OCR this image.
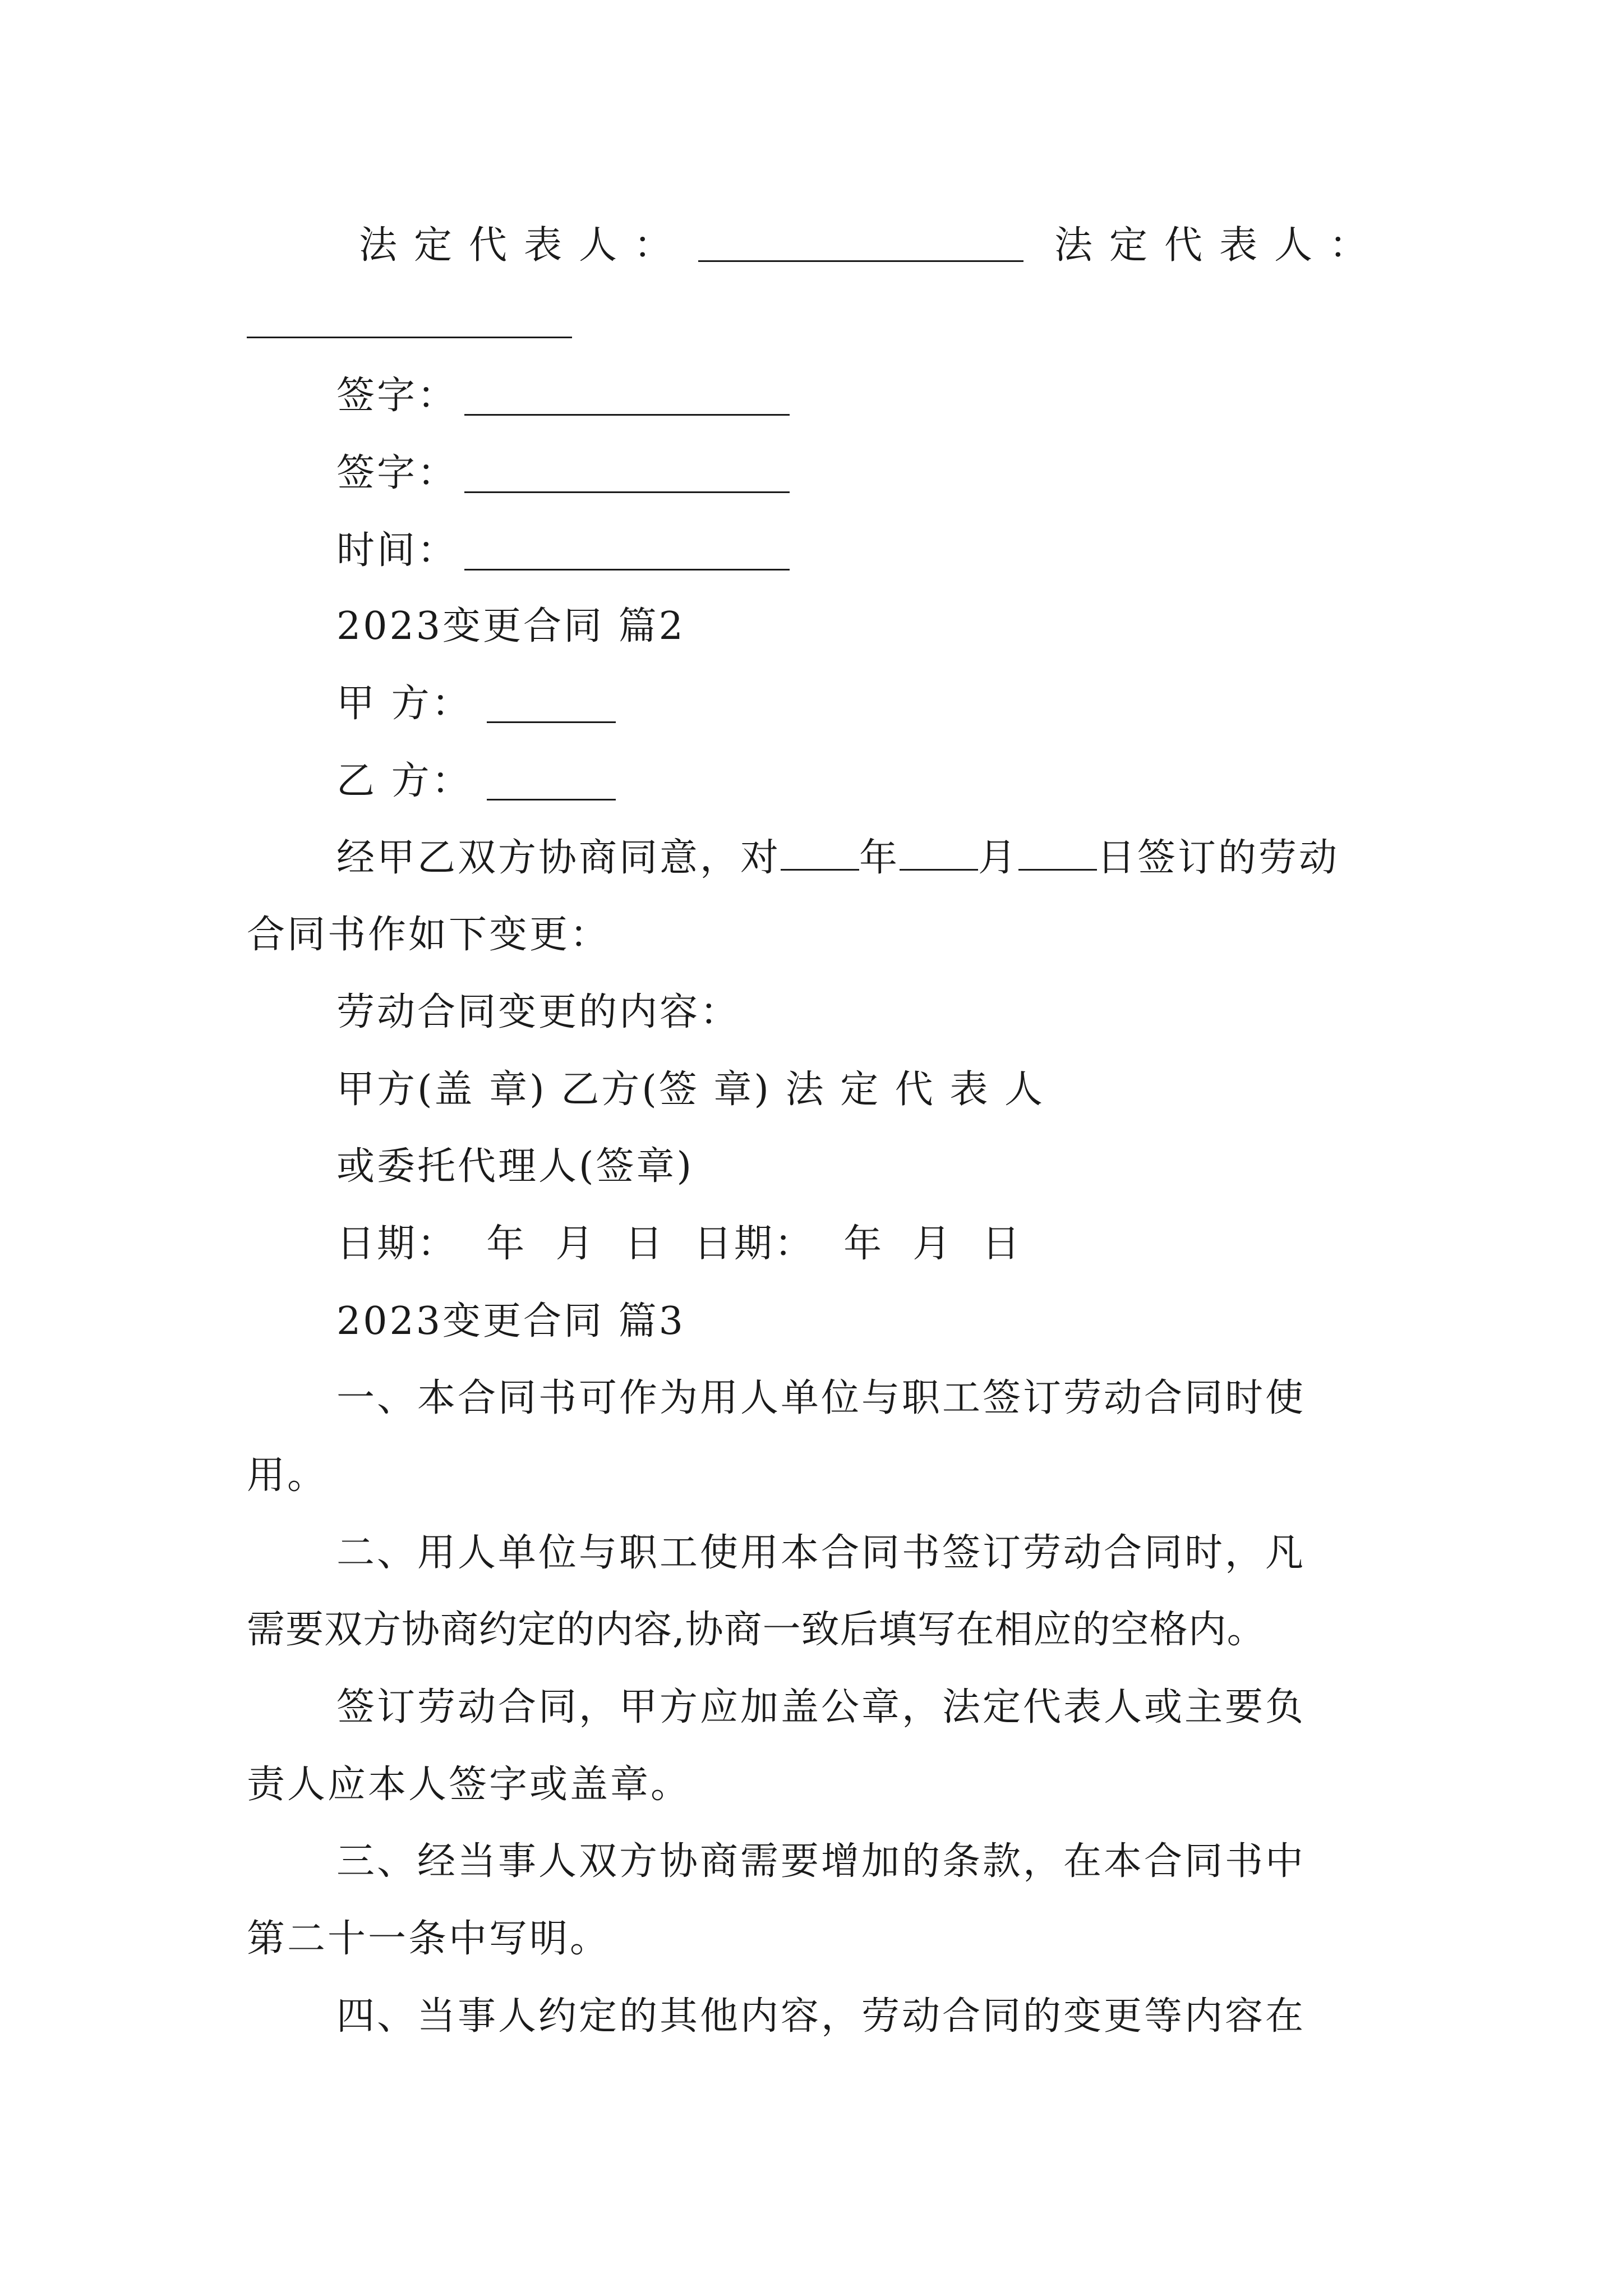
法定代表人：	法定代表人：
签字：
签字：
时间：
2023变更合同 篇2
甲 方：
乙 方：
经甲乙双方协商同意，对 年 月 日签订的劳动
合同书作如下变更：
劳动合同变更的内容：
甲方(盖 章) 乙方(签 章) 法 定 代 表 人
或委托代理人(签章)
日期：  年  月  日  日期：  年  月  日
2023变更合同 篇3
一、本合同书可作为用人单位与职工签订劳动合同时使
用。
二、用人单位与职工使用本合同书签订劳动合同时，凡
需要双方协商约定的内容,协商一致后填写在相应的空格内。
签订劳动合同，甲方应加盖公章，法定代表人或主要负
责人应本人签字或盖章。
三、经当事人双方协商需要增加的条款，在本合同书中
第二十一条中写明。
四、当事人约定的其他内容，劳动合同的变更等内容在
